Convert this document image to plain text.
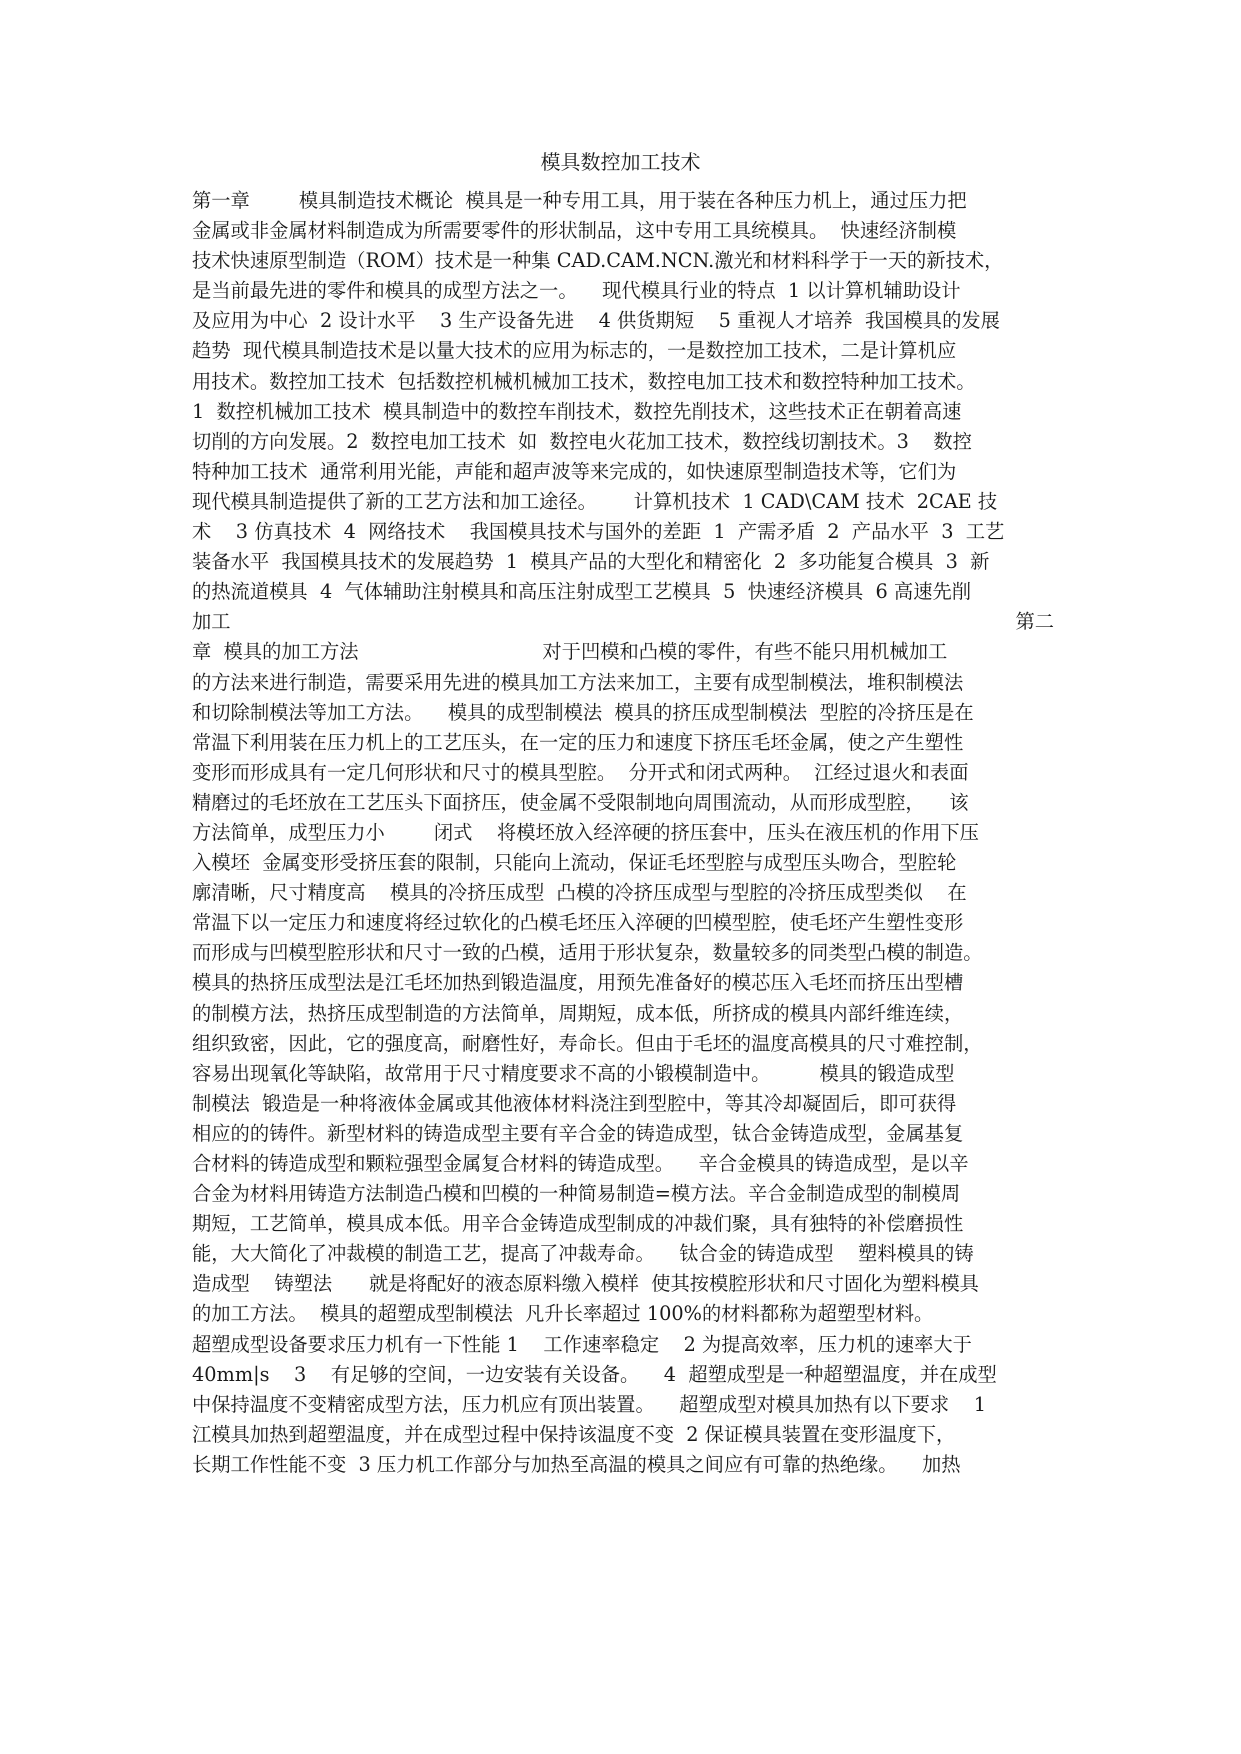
模具数控加工技术
第一章        模具制造技术概论  模具是一种专用工具，用于装在各种压力机上，通过压力把
金属或非金属材料制造成为所需要零件的形状制品，这中专用工具统模具。  快速经济制模
技术快速原型制造（ROM）技术是一种集 CAD.CAM.NCN.激光和材料科学于一天的新技术，
是当前最先进的零件和模具的成型方法之一。    现代模具行业的特点  1 以计算机辅助设计
及应用为中心  2 设计水平    3 生产设备先进    4 供货期短    5 重视人才培养  我国模具的发展
趋势  现代模具制造技术是以量大技术的应用为标志的，一是数控加工技术，二是计算机应
用技术。数控加工技术  包括数控机械机械加工技术，数控电加工技术和数控特种加工技术。
1  数控机械加工技术  模具制造中的数控车削技术，数控先削技术，这些技术正在朝着高速
切削的方向发展。2  数控电加工技术  如  数控电火花加工技术，数控线切割技术。3    数控
特种加工技术  通常利用光能，声能和超声波等来完成的，如快速原型制造技术等，它们为
现代模具制造提供了新的工艺方法和加工途径。      计算机技术  1 CAD\CAM 技术  2CAE 技
术    3 仿真技术  4  网络技术    我国模具技术与国外的差距  1  产需矛盾  2  产品水平  3  工艺
装备水平  我国模具技术的发展趋势  1  模具产品的大型化和精密化  2  多功能复合模具  3  新
的热流道模具  4  气体辅助注射模具和高压注射成型工艺模具  5  快速经济模具  6 高速先削
加工	第二
章  模具的加工方法                              对于凹模和凸模的零件，有些不能只用机械加工
的方法来进行制造，需要采用先进的模具加工方法来加工，主要有成型制模法，堆积制模法
和切除制模法等加工方法。    模具的成型制模法  模具的挤压成型制模法  型腔的冷挤压是在
常温下利用装在压力机上的工艺压头，在一定的压力和速度下挤压毛坯金属，使之产生塑性
变形而形成具有一定几何形状和尺寸的模具型腔。  分开式和闭式两种。  江经过退火和表面
精磨过的毛坯放在工艺压头下面挤压，使金属不受限制地向周围流动，从而形成型腔，    该
方法简单，成型压力小        闭式    将模坯放入经淬硬的挤压套中，压头在液压机的作用下压
入模坯  金属变形受挤压套的限制，只能向上流动，保证毛坯型腔与成型压头吻合，型腔轮
廓清晰，尺寸精度高    模具的冷挤压成型  凸模的冷挤压成型与型腔的冷挤压成型类似    在
常温下以一定压力和速度将经过软化的凸模毛坯压入淬硬的凹模型腔，使毛坯产生塑性变形
而形成与凹模型腔形状和尺寸一致的凸模，适用于形状复杂，数量较多的同类型凸模的制造。
模具的热挤压成型法是江毛坯加热到锻造温度，用预先准备好的模芯压入毛坯而挤压出型槽
的制模方法，热挤压成型制造的方法简单，周期短，成本低，所挤成的模具内部纤维连续，
组织致密，因此，它的强度高，耐磨性好，寿命长。但由于毛坯的温度高模具的尺寸难控制，
容易出现氧化等缺陷，故常用于尺寸精度要求不高的小锻模制造中。        模具的锻造成型
制模法  锻造是一种将液体金属或其他液体材料浇注到型腔中，等其冷却凝固后，即可获得
相应的的铸件。新型材料的铸造成型主要有辛合金的铸造成型，钛合金铸造成型，金属基复
合材料的铸造成型和颗粒强型金属复合材料的铸造成型。    辛合金模具的铸造成型，是以辛
合金为材料用铸造方法制造凸模和凹模的一种简易制造=模方法。辛合金制造成型的制模周
期短，工艺简单，模具成本低。用辛合金铸造成型制成的冲裁们聚，具有独特的补偿磨损性
能，大大简化了冲裁模的制造工艺，提高了冲裁寿命。    钛合金的铸造成型    塑料模具的铸
造成型    铸塑法      就是将配好的液态原料缴入模样  使其按模腔形状和尺寸固化为塑料模具
的加工方法。  模具的超塑成型制模法  凡升长率超过 100%的材料都称为超塑型材料。
超塑成型设备要求压力机有一下性能 1    工作速率稳定    2 为提高效率，压力机的速率大于
40mm|s    3    有足够的空间，一边安装有关设备。    4  超塑成型是一种超塑温度，并在成型
中保持温度不变精密成型方法，压力机应有顶出装置。    超塑成型对模具加热有以下要求    1
江模具加热到超塑温度，并在成型过程中保持该温度不变  2 保证模具装置在变形温度下，
长期工作性能不变  3 压力机工作部分与加热至高温的模具之间应有可靠的热绝缘。    加热
